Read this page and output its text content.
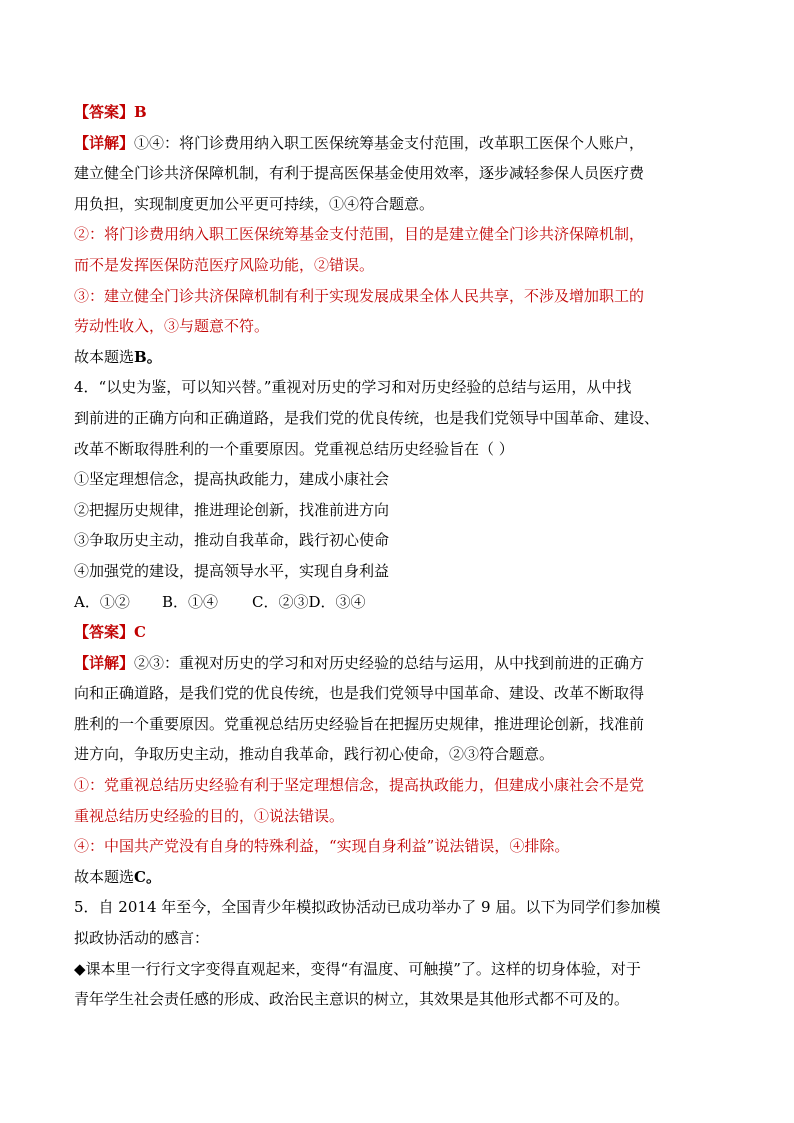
【答案】B
【详解】①④：将门诊费用纳入职工医保统筹基金支付范围，改革职工医保个人账户，
建立健全门诊共济保障机制，有利于提高医保基金使用效率，逐步减轻参保人员医疗费
用负担，实现制度更加公平更可持续，①④符合题意。
②：将门诊费用纳入职工医保统筹基金支付范围，目的是建立健全门诊共济保障机制，
而不是发挥医保防范医疗风险功能，②错误。
③：建立健全门诊共济保障机制有利于实现发展成果全体人民共享，不涉及增加职工的
劳动性收入，③与题意不符。
故本题选B。
4．“以史为鉴，可以知兴替。”重视对历史的学习和对历史经验的总结与运用，从中找
到前进的正确方向和正确道路，是我们党的优良传统，也是我们党领导中国革命、建设、
改革不断取得胜利的一个重要原因。党重视总结历史经验旨在（ ）
①坚定理想信念，提高执政能力，建成小康社会
②把握历史规律，推进理论创新，找准前进方向
③争取历史主动，推动自我革命，践行初心使命
④加强党的建设，提高领导水平，实现自身利益
A．①② B．①④ C．②③D．③④
【答案】C
【详解】②③：重视对历史的学习和对历史经验的总结与运用，从中找到前进的正确方
向和正确道路，是我们党的优良传统，也是我们党领导中国革命、建设、改革不断取得
胜利的一个重要原因。党重视总结历史经验旨在把握历史规律，推进理论创新，找准前
进方向，争取历史主动，推动自我革命，践行初心使命，②③符合题意。
①：党重视总结历史经验有利于坚定理想信念，提高执政能力，但建成小康社会不是党
重视总结历史经验的目的，①说法错误。
④：中国共产党没有自身的特殊利益，“实现自身利益”说法错误，④排除。
故本题选C。
5．自 2014 年至今，全国青少年模拟政协活动已成功举办了 9 届。以下为同学们参加模
拟政协活动的感言：
◆课本里一行行文字变得直观起来，变得“有温度、可触摸”了。这样的切身体验，对于
青年学生社会责任感的形成、政治民主意识的树立，其效果是其他形式都不可及的。
